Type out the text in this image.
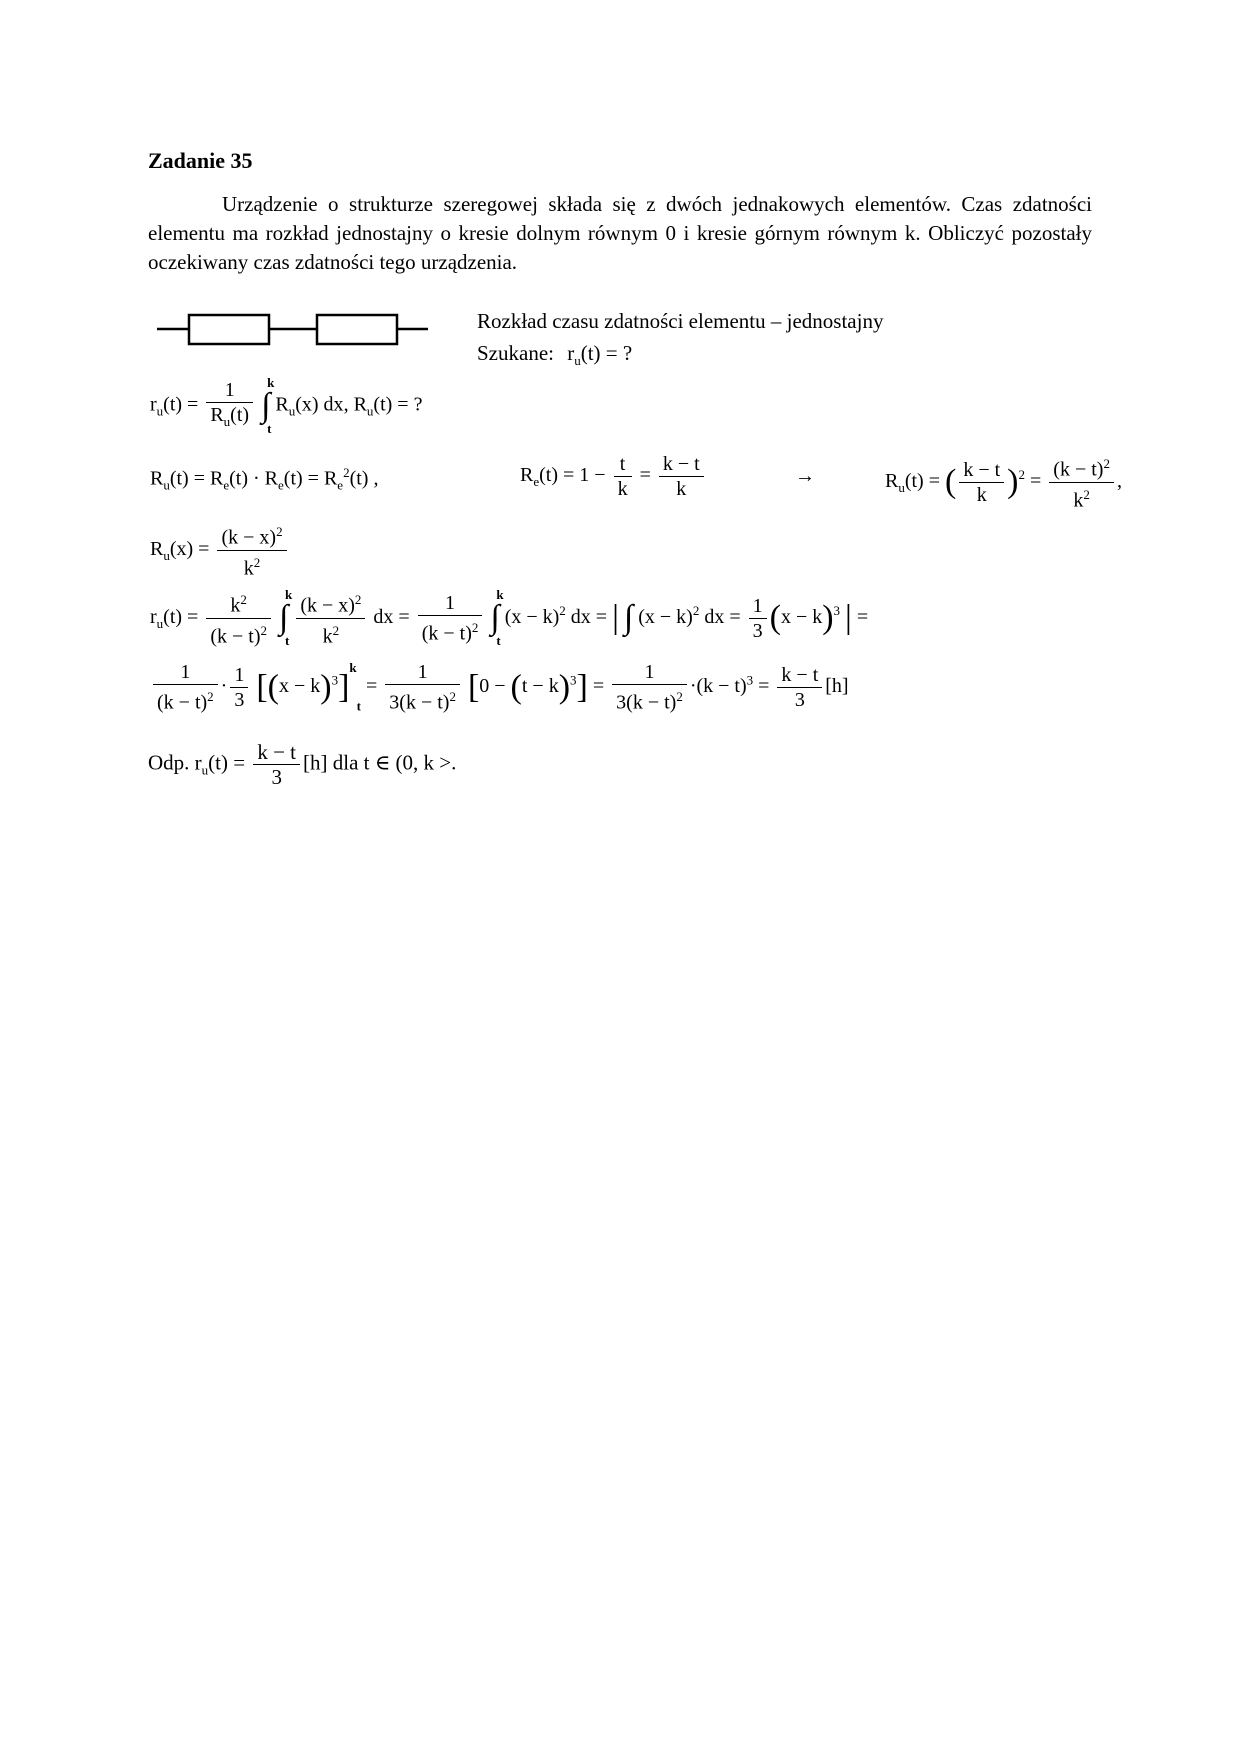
Zadanie 35
Urządzenie o strukturze szeregowej składa się z dwóch jednakowych elementów. Czas zdatności elementu ma rozkład jednostajny o kresie dolnym równym 0 i kresie górnym równym k. Obliczyć pozostały oczekiwany czas zdatności tego urządzenia.
Rozkład czasu zdatności elementu – jednostajny
Szukane: $r_u(t)$ = ?
$r_u(t) = \frac{1}{R_u(t)}$ ∫
k
t
$R_u(x)$ dx, $R_u(t)$ = ?
$R_u(t) = R_e(t) \cdot R_e(t) = R_e^2(t)$ ,	$R_e(t) = 1 - \frac{t}{k} = \frac{k - t}{k}$	→	$R_u(t)$ = ( $\frac{k - t}{k} )^2 = \frac{(k - t)^2}{k^2}$ ,
$R_u(x) = \frac{(k - x)^2}{k^2}$
$r_u(t) = \frac{k^2}{(k - t)^2}$ ∫
k
t
$\frac{(k - x)^2}{k^2}$ dx = $\frac{1}{(k - t)^2}$ ∫
k
t
$(x - k)^2$ dx = | ∫ $(x - k)^2$ dx = $\frac{1}{3} (x - k)^3$ | =
$\frac{1}{(k - t)^2} \cdot \frac{1}{3} [(x - k)^3]^kt = \frac{1}{3(k - t)^2} [0 - (t - k)^3] = \frac{1}{3(k - t)^2} \cdot(k - t)^3 = \frac{k - t}{3} [h]$
Odp. $r_u(t) = \frac{k - t}{3} [h]$ dla t ∈ (0, k >.
